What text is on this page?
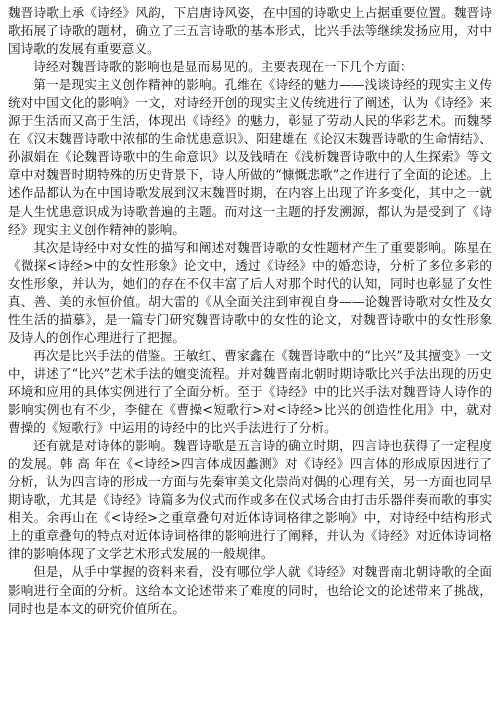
魏晋诗歌上承《诗经》风韵，下启唐诗风姿，在中国的诗歌史上占据重要位置。魏晋诗歌拓展了诗歌的题材，确立了三五言诗歌的基本形式，比兴手法等继续发扬应用，对中国诗歌的发展有重要意义。

诗经对魏晋诗歌的影响也是显而易见的。主要表现在一下几个方面：

第一是现实主义创作精神的影响。孔维在《诗经的魅力——浅谈诗经的现实主义传统对中国文化的影响》一文，对诗经开创的现实主义传统进行了阐述，认为《诗经》来源于生活而又高于生活，体现出《诗经》的魅力，彰显了劳动人民的华彩艺术。而魏琴在《汉末魏晋诗歌中浓郁的生命忧患意识》、阳建雄在《论汉末魏晋诗歌的生命情结》、孙淑娟在《论魏晋诗歌中的生命意识》以及钱晴在《浅析魏晋诗歌中的人生探索》等文章中对魏晋时期特殊的历史背景下，诗人所做的“慷慨悲歌”之作进行了全面的论述。上述作品都认为在中国诗歌发展到汉末魏晋时期，在内容上出现了许多变化，其中之一就是人生忧患意识成为诗歌普遍的主题。而对这一主题的抒发溯源，都认为是受到了《诗经》现实主义创作精神的影响。

其次是诗经中对女性的描写和阐述对魏晋诗歌的女性题材产生了重要影响。陈星在《微探<诗经>中的女性形象》论文中，透过《诗经》中的婚恋诗，分析了多位多彩的女性形象，并认为，她们的存在不仅丰富了后人对那个时代的认知，同时也彰显了女性真、善、美的永恒价值。胡大雷的《从全面关注到审视自身——论魏晋诗歌对女性及女性生活的描摹》，是一篇专门研究魏晋诗歌中的女性的论文，对魏晋诗歌中的女性形象及诗人的创作心理进行了把握。

再次是比兴手法的借鉴。王敏红、曹家鑫在《魏晋诗歌中的“比兴”及其擅变》一文中，讲述了“比兴”艺术手法的嬗变流程。并对魏晋南北朝时期诗歌比兴手法出现的历史环境和应用的具体实例进行了全面分析。至于《诗经》中的比兴手法对魏晋诗人诗作的影响实例也有不少，李健在《曹操<短歌行>对<诗经>比兴的创造性化用》中，就对曹操的《短歌行》中运用的诗经中的比兴手法进行了分析。

还有就是对诗体的影响。魏晋诗歌是五言诗的确立时期，四言诗也获得了一定程度的发展。韩 高 年在《<诗经>四言体成因蠡测》对《诗经》四言体的形成原因进行了分析，认为四言诗的形成一方面与先秦审美文化崇尚对偶的心理有关，另一方面也同早期诗歌，尤其是《诗经》诗篇多为仪式而作或多在仪式场合由打击乐器伴奏而歌的事实相关。余再山在《<诗经>之重章叠句对近体诗词格律之影响》中，对诗经中结构形式上的重章叠句的特点对近体诗词格律的影响进行了阐释，并认为《诗经》对近体诗词格律的影响体现了文学艺术形式发展的一般规律。

但是，从手中掌握的资料来看，没有哪位学人就《诗经》对魏晋南北朝诗歌的全面影响进行全面的分析。这给本文论述带来了难度的同时，也给论文的论述带来了挑战，同时也是本文的研究价值所在。
